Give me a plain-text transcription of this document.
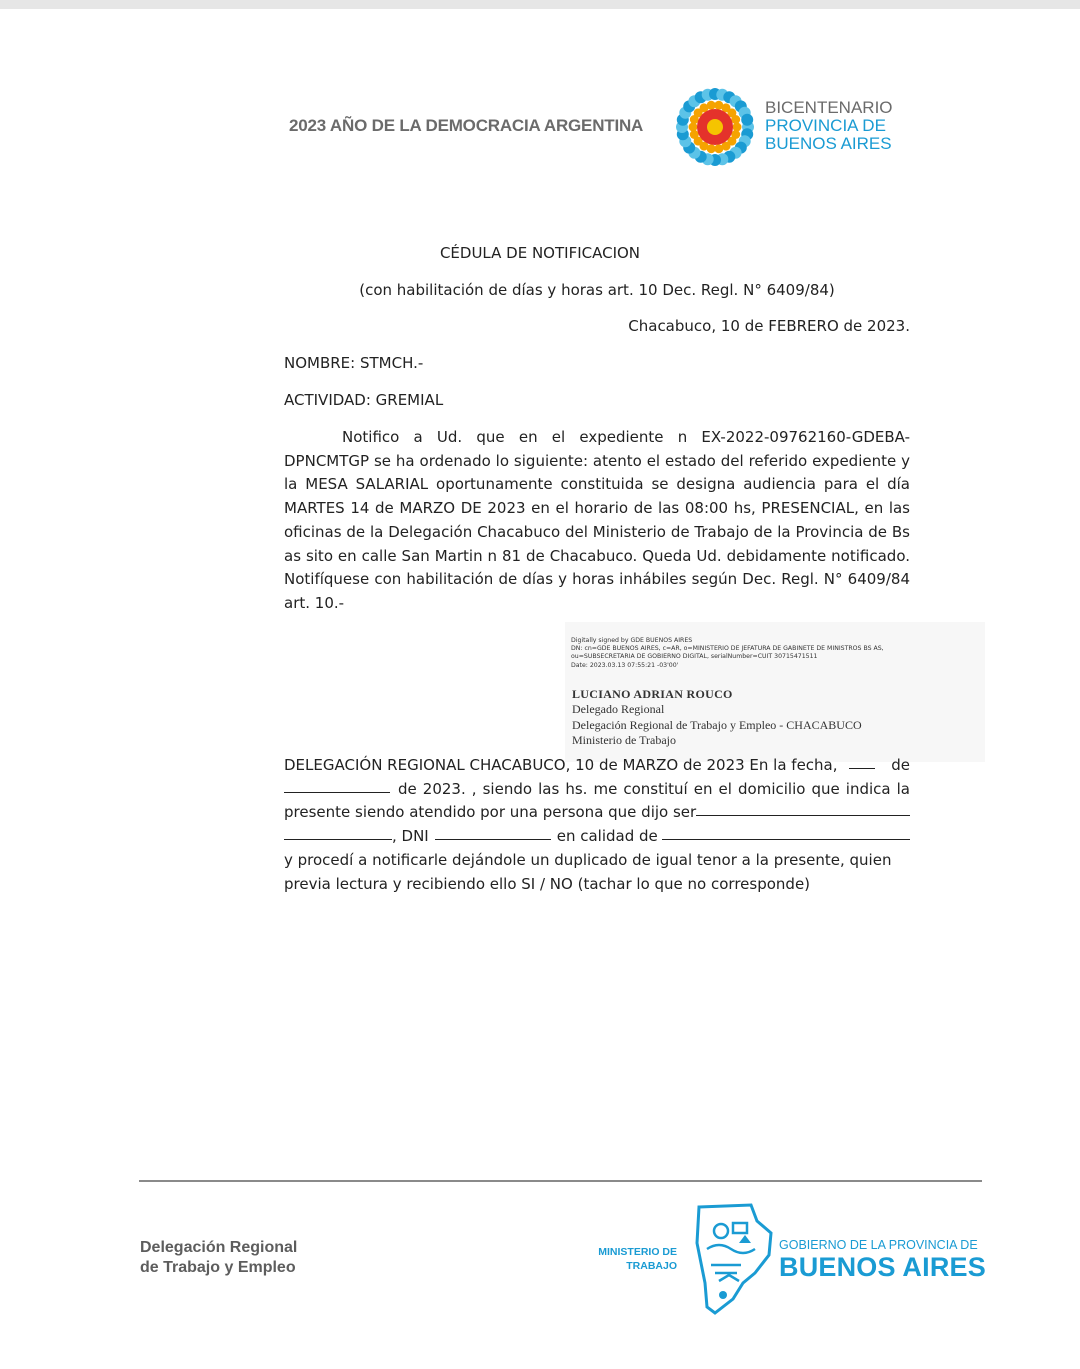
2023 AÑO DE LA DEMOCRACIA ARGENTINA
BICENTENARIO
PROVINCIA DE
BUENOS AIRES
CÉDULA DE NOTIFICACION
(con habilitación de días y horas art. 10 Dec. Regl. N° 6409/84)
Chacabuco, 10 de FEBRERO de 2023.
NOMBRE: STMCH.-
ACTIVIDAD: GREMIAL
Notifico a Ud. que en el expediente n EX-2022-09762160-GDEBA-DPNCMTGP se ha ordenado lo siguiente: atento el estado del referido expediente y la MESA SALARIAL oportunamente constituida se designa audiencia para el día MARTES 14 de MARZO DE 2023 en el horario de las 08:00 hs, PRESENCIAL, en las oficinas de la Delegación Chacabuco del Ministerio de Trabajo de la Provincia de Bs as sito en calle San Martin n 81 de Chacabuco. Queda Ud. debidamente notificado. Notifíquese con habilitación de días y horas inhábiles según Dec. Regl. N° 6409/84 art. 10.-
Digitally signed by GDE BUENOS AIRES
DN: cn=GDE BUENOS AIRES, c=AR, o=MINISTERIO DE JEFATURA DE GABINETE DE MINISTROS BS AS,
ou=SUBSECRETARIA DE GOBIERNO DIGITAL, serialNumber=CUIT 30715471511
Date: 2023.03.13 07:55:21 -03'00'
LUCIANO ADRIAN ROUCO
Delegado Regional
Delegación Regional de Trabajo y Empleo - CHACABUCO
Ministerio de Trabajo
DELEGACIÓN REGIONAL CHACABUCO, 10 de MARZO de 2023 En la fecha,	de
de 2023. , siendo las hs. me constituí en el domicilio que indica la
presente siendo atendido por una persona que dijo ser
, DNI	en calidad de
y procedí a notificarle dejándole un duplicado de igual tenor a la presente, quien
previa lectura y recibiendo ello SI / NO (tachar lo que no corresponde)
Delegación Regional
de Trabajo y Empleo
MINISTERIO DE
TRABAJO
GOBIERNO DE LA PROVINCIA DE
BUENOS AIRES
